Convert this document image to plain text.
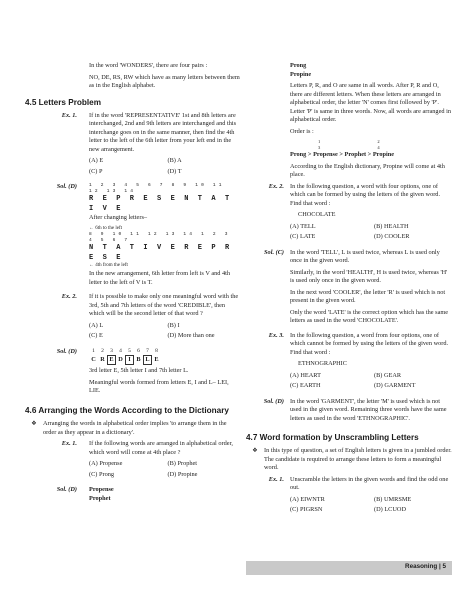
In the word 'WONDERS', there are four pairs :

NO, DE, RS, RW which have as many letters between them as in the English alphabet.

4.5 Letters Problem
Ex. 1.	If in the word 'REPRESENTATIVE' 1st and 8th letters are interchanged, 2nd and 9th letters are interchanged and this interchange goes on in the same manner, then find the 4th letter to the left of the 6th letter from your left end in the new arrangement.

(A) E	(B) A
(C) P	(D) T
Sol. (D)	1 2 3 4 5 6 7 8 9 10 11 12 13 14
R E P R E S E N T A T I V E

After changing letters–

← 6th to the left
8 9 10 11 12 13 14 1 2 3 4 5 6 7
N T A T I V E R E P R E S E
← 4th from the left

In the new arrangement, 6th letter from left is V and 4th letter to the left of V is T.

Ex. 2.	If it is possible to make only one meaningful word with the 3rd, 5th and 7th letters of the word 'CREDIBLE', then which will be the second letter of that word ?

(A) L	(B) I
(C) E	(D) More than one
Sol. (D)	1 2 3 4 5 6 7 8
C R E D I B L E

3rd letter E, 5th letter I and 7th letter L.

Meaningful words formed from letters E, I and L– LEI, LIE.

4.6 Arranging the Words According to the Dictionary
❖	Arranging the words in alphabetical order implies 'to arrange them in the order as they appear in a dictionary'.
Ex. 1.	If the following words are arranged in alphabetical order, which word will come at 4th place ?

(A) Propense	(B) Prophet
(C) Prong	(D) Propine
Sol. (D)	Propense
Prophet
Prong
Propine

Letters P, R, and O are same in all words. After P, R and O, there are different letters. When these letters are arranged in alphabetical order, the letter 'N' comes first followed by 'P'. Letter 'P' is same in three words. Now, all words are arranged in alphabetical order.

Order is :

1 2 3 4

Prong > Propense > Prophet > Propine

According to the English dictionary, Propine will come at 4th place.

Ex. 2. In the following question, a word with four options, one of which can be formed by using the letters of the given word. Find that word :

CHOCOLATE

(A) TELL	(B) HEALTH
(C) LATE	(D) COOLER
Sol. (C) In the word 'TELL', L is used twice, whereas L is used only once in the given word.

Similarly, in the word 'HEALTH', H is used twice, whereas 'H' is used only once in the given word.

In the next word 'COOLER', the letter 'R' is used which is not present in the given word.

Only the word 'LATE' is the correct option which has the same letters as used in the word 'CHOCOLATE'.

Ex. 3. In the following question, a word from four options, one of which cannot be formed by using the letters of the given word. Find that word :

ETHNOGRAPHIC

(A) HEART	(B) GEAR
(C) EARTH	(D) GARMENT
Sol. (D) In the word 'GARMENT', the letter 'M' is used which is not used in the given word. Remaining three words have the same letters as used in the word 'ETHNOGRAPHIC'.

4.7 Word formation by Unscrambling Letters
❖	In this type of question, a set of English letters is given in a jumbled order. The candidate is required to arrange these letters to form a meaningful word.
Ex. 1. Unscramble the letters in the given words and find the odd one out.

(A) EIWNTR	(B) UMRSME
(C) PIGRSN	(D) LCUOD
Reasoning | 5
